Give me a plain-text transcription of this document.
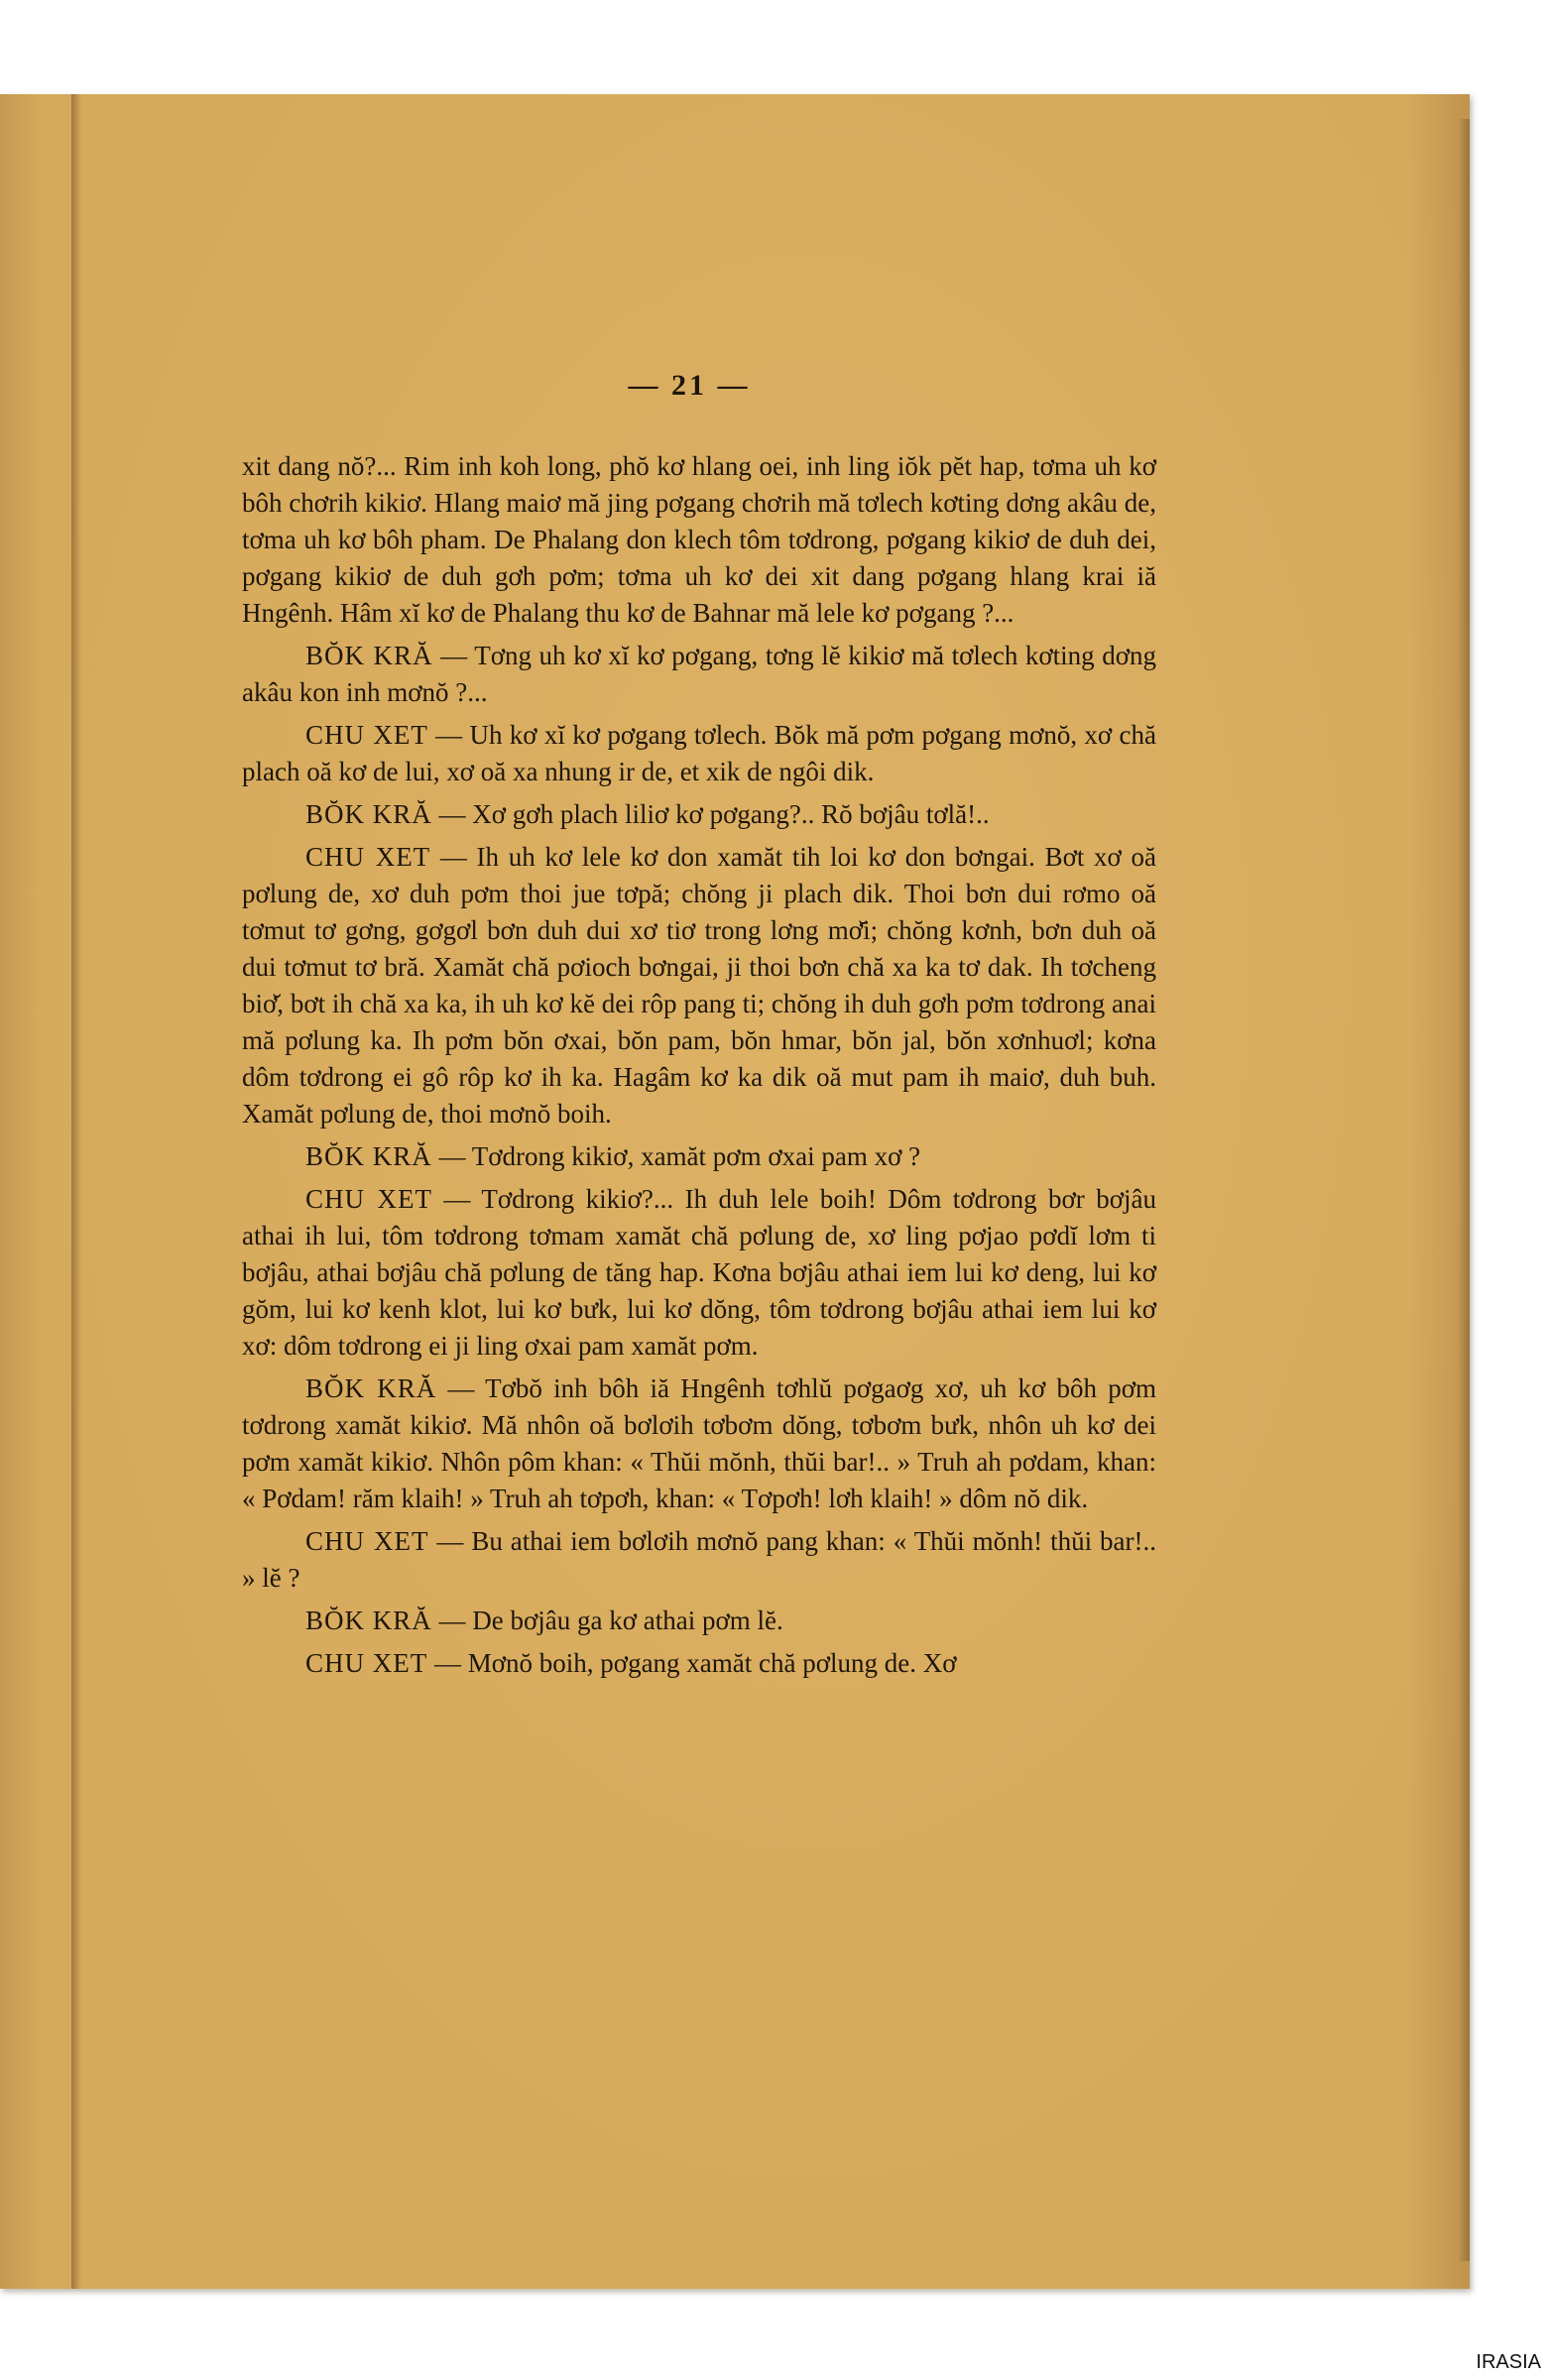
— 21 —

xit dang nŏ?... Rim inh koh long, phŏ kơ hlang oei, inh ling iŏk pĕt hap, tơma uh kơ bôh chơrih kikiơ. Hlang maiơ mă jing pơgang chơrih mă tơlech kơting dơng akâu de, tơma uh kơ bôh pham. De Phalang don klech tôm tơdrong, pơgang kikiơ de duh dei, pơgang kikiơ de duh gơh pơm; tơma uh kơ dei xit dang pơgang hlang krai iă Hngênh. Hâm xĭ kơ de Phalang thu kơ de Bahnar mă lele kơ pơgang ?...

BŎK KRĂ — Tơng uh kơ xĭ kơ pơgang, tơng lĕ kikiơ mă tơlech kơting dơng akâu kon inh mơnŏ ?...

CHU XET — Uh kơ xĭ kơ pơgang tơlech. Bŏk mă pơm pơgang mơnŏ, xơ chă plach oă kơ de lui, xơ oă xa nhung ir de, et xik de ngôi dik.

BŎK KRĂ — Xơ gơh plach liliơ kơ pơgang?.. Rŏ bơjâu tơlă!..

CHU XET — Ih uh kơ lele kơ don xamăt tih loi kơ don bơngai. Bơt xơ oă pơlung de, xơ duh pơm thoi jue tơpă; chŏng ji plach dik. Thoi bơn dui rơmo oă tơmut tơ gơng, gơgơl bơn duh dui xơ tiơ trong lơng mơ̆i; chŏng kơnh, bơn duh oă dui tơmut tơ bră. Xamăt chă pơioch bơngai, ji thoi bơn chă xa ka tơ dak. Ih tơcheng biơ̆, bơt ih chă xa ka, ih uh kơ kĕ dei rôp pang ti; chŏng ih duh gơh pơm tơdrong anai mă pơlung ka. Ih pơm bŏn ơxai, bŏn pam, bŏn hmar, bŏn jal, bŏn xơnhuơl; kơna dôm tơdrong ei gô rôp kơ ih ka. Hagâm kơ ka dik oă mut pam ih maiơ, duh buh. Xamăt pơlung de, thoi mơnŏ boih.

BŎK KRĂ — Tơdrong kikiơ, xamăt pơm ơxai pam xơ ?

CHU XET — Tơdrong kikiơ?... Ih duh lele boih! Dôm tơdrong bơr bơjâu athai ih lui, tôm tơdrong tơmam xamăt chă pơlung de, xơ ling pơjao pơdĭ lơm ti bơjâu, athai bơjâu chă pơlung de tăng hap. Kơna bơjâu athai iem lui kơ deng, lui kơ gŏm, lui kơ kenh klot, lui kơ bưk, lui kơ dŏng, tôm tơdrong bơjâu athai iem lui kơ xơ: dôm tơdrong ei ji ling ơxai pam xamăt pơm.

BŎK KRĂ — Tơbŏ inh bôh iă Hngênh tơhlŭ pơgaơg xơ, uh kơ bôh pơm tơdrong xamăt kikiơ. Mă nhôn oă bơlơih tơbơm dŏng, tơbơm bưk, nhôn uh kơ dei pơm xamăt kikiơ. Nhôn pôm khan: « Thŭi mŏnh, thŭi bar!.. » Truh ah pơdam, khan: « Pơdam! răm klaih! » Truh ah tơpơh, khan: « Tơpơh! lơh klaih! » dôm nŏ dik.

CHU XET — Bu athai iem bơlơih mơnŏ pang khan: « Thŭi mŏnh! thŭi bar!.. » lĕ ?

BŎK KRĂ — De bơjâu ga kơ athai pơm lĕ.

CHU XET — Mơnŏ boih, pơgang xamăt chă pơlung de. Xơ

IRASIA
